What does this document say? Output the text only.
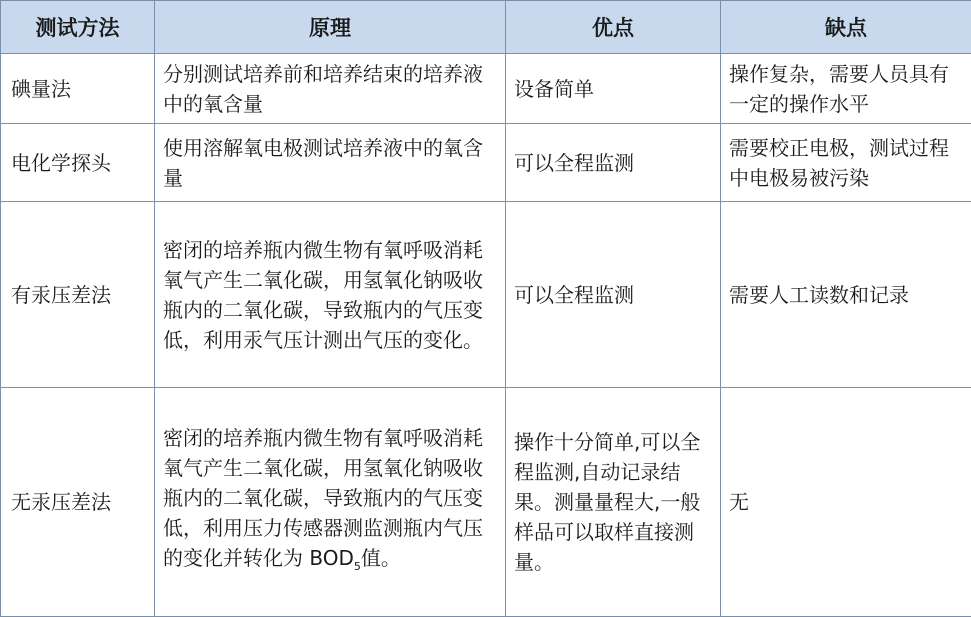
测试方法	原理	优点	缺点
碘量法	分别测试培养前和培养结束的培养液中的氧含量	设备简单	操作复杂，需要人员具有一定的操作水平
电化学探头	使用溶解氧电极测试培养液中的氧含量	可以全程监测	需要校正电极，测试过程中电极易被污染
有汞压差法	密闭的培养瓶内微生物有氧呼吸消耗氧气产生二氧化碳，用氢氧化钠吸收瓶内的二氧化碳，导致瓶内的气压变低，利用汞气压计测出气压的变化。	可以全程监测	需要人工读数和记录
无汞压差法	密闭的培养瓶内微生物有氧呼吸消耗氧气产生二氧化碳，用氢氧化钠吸收瓶内的二氧化碳，导致瓶内的气压变低，利用压力传感器测监测瓶内气压的变化并转化为 $BOD_5$值。	操作十分简单,可以全程监测,自动记录结果。测量量程大,一般样品可以取样直接测量。	无
